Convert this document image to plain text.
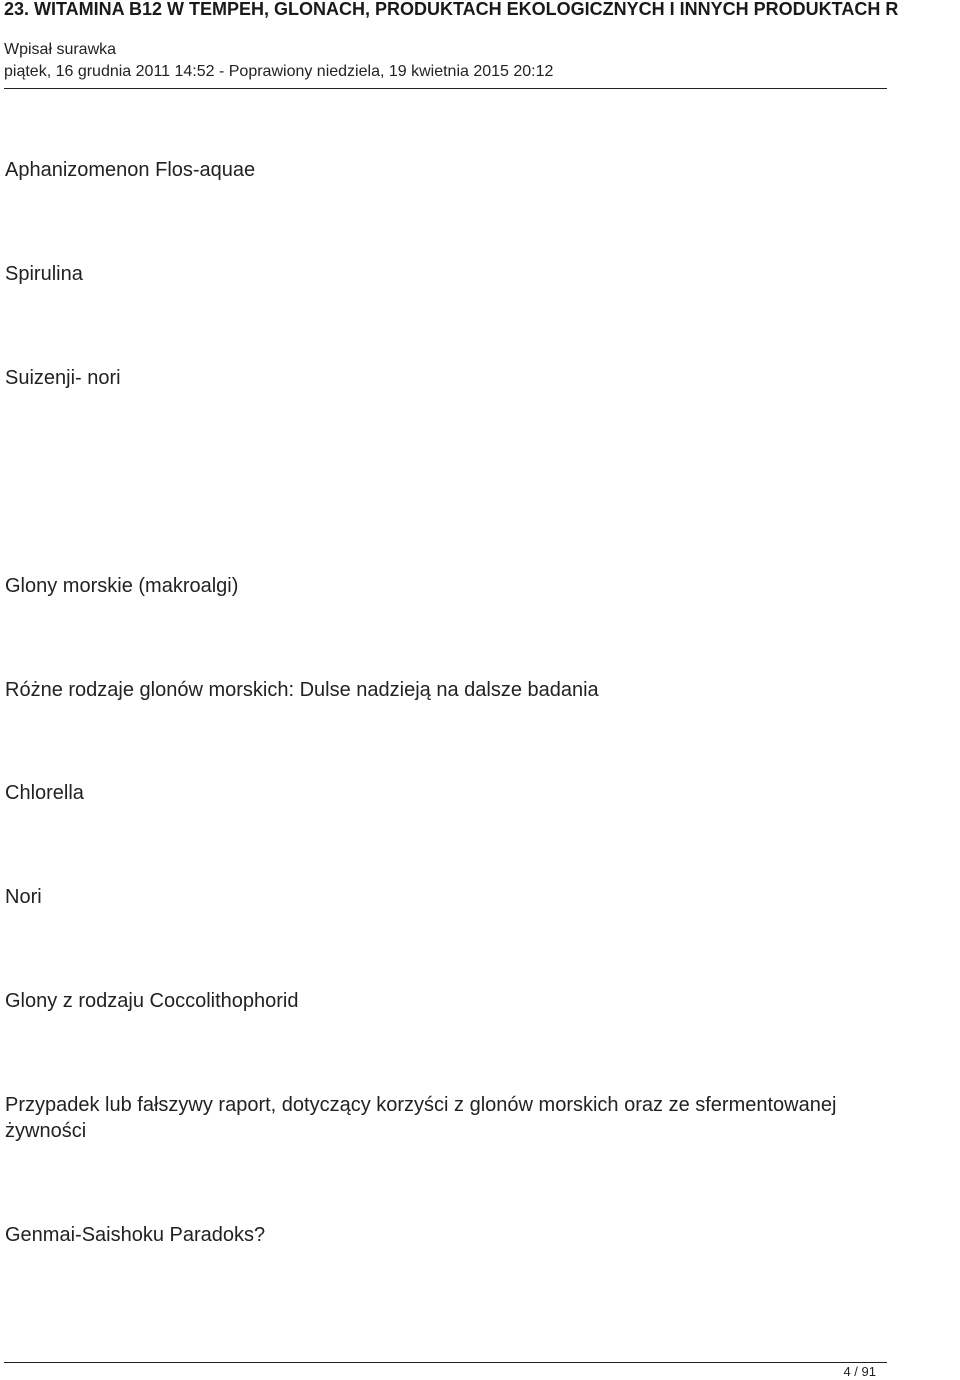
23. WITAMINA B12 W TEMPEH, GLONACH, PRODUKTACH EKOLOGICZNYCH I INNYCH PRODUKTACH R
Wpisał surawka
piątek, 16 grudnia 2011 14:52 - Poprawiony niedziela, 19 kwietnia 2015 20:12
Aphanizomenon Flos-aquae
Spirulina
Suizenji- nori
Glony morskie (makroalgi)
Różne rodzaje glonów morskich: Dulse nadzieją na dalsze badania
Chlorella
Nori
Glony z rodzaju Coccolithophorid
Przypadek lub fałszywy raport, dotyczący korzyści z glonów morskich oraz ze sfermentowanej żywności
Genmai-Saishoku Paradoks?
4 / 91
